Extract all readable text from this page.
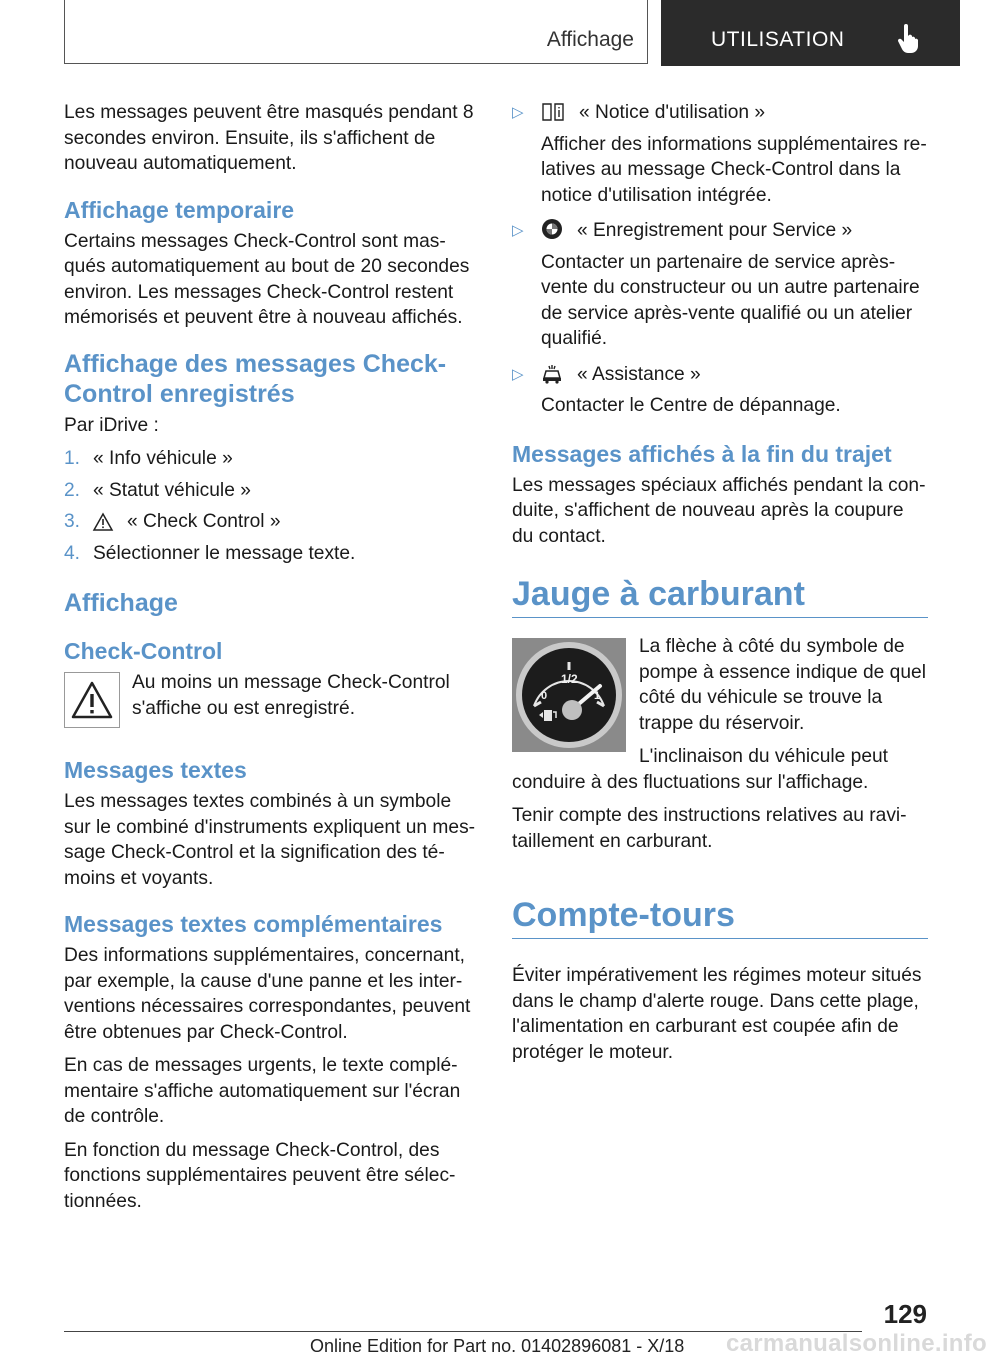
Affichage	UTILISATION

Les messages peuvent être masqués pendant 8 secondes environ. Ensuite, ils s'affichent de nouveau automatiquement.

Affichage temporaire

Certains messages Check-Control sont mas-qués automatiquement au bout de 20 secondes environ. Les messages Check-Control restent mémorisés et peuvent être à nouveau affichés.

Affichage des messages Check-Control enregistrés

Par iDrive :

1. « Info véhicule »
2. « Statut véhicule »
3.	« Check Control »
4. Sélectionner le message texte.
Affichage
Check-Control

Au moins un message Check-Control s'affiche ou est enregistré.

Messages textes

Les messages textes combinés à un symbole sur le combiné d'instruments expliquent un mes-sage Check-Control et la signification des té-moins et voyants.

Messages textes complémentaires

Des informations supplémentaires, concernant, par exemple, la cause d'une panne et les inter-ventions nécessaires correspondantes, peuvent être obtenues par Check-Control.

En cas de messages urgents, le texte complé-mentaire s'affiche automatiquement sur l'écran de contrôle.

En fonction du message Check-Control, des fonctions supplémentaires peuvent être sélec-tionnées.

▷	« Notice d'utilisation »

Afficher des informations supplémentaires re-latives au message Check-Control dans la notice d'utilisation intégrée.

▷	« Enregistrement pour Service »

Contacter un partenaire de service après-vente du constructeur ou un autre partenaire de service après-vente qualifié ou un atelier qualifié.

▷	« Assistance »

Contacter le Centre de dépannage.

Messages affichés à la fin du trajet

Les messages spéciaux affichés pendant la con-duite, s'affichent de nouveau après la coupure du contact.

Jauge à carburant
1/2
0	1

La flèche à côté du symbole de pompe à essence indique de quel côté du véhicule se trouve la trappe du réservoir.

L'inclinaison du véhicule peut conduire à des fluctuations sur l'affichage.

Tenir compte des instructions relatives au ravi-taillement en carburant.

Compte-tours

Éviter impérativement les régimes moteur situés dans le champ d'alerte rouge. Dans cette plage, l'alimentation en carburant est coupée afin de protéger le moteur.

129
Online Edition for Part no. 01402896081 - X/18 carmanualsonline.info
